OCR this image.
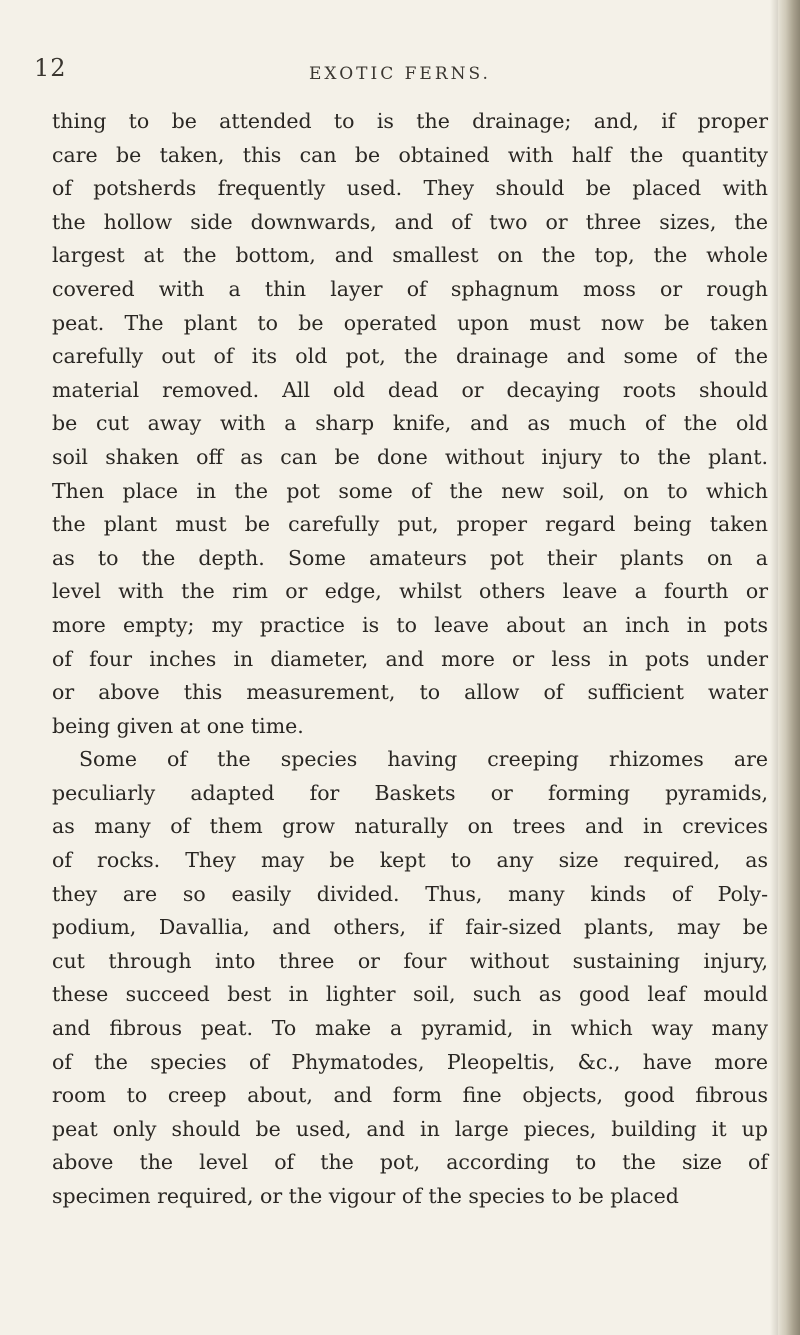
12	EXOTIC FERNS.
thing to be attended to is the drainage; and, if proper
care be taken, this can be obtained with half the quantity
of potsherds frequently used. They should be placed with
the hollow side downwards, and of two or three sizes, the
largest at the bottom, and smallest on the top, the whole
covered with a thin layer of sphagnum moss or rough
peat. The plant to be operated upon must now be taken
carefully out of its old pot, the drainage and some of the
material removed. All old dead or decaying roots should
be cut away with a sharp knife, and as much of the old
soil shaken off as can be done without injury to the plant.
Then place in the pot some of the new soil, on to which
the plant must be carefully put, proper regard being taken
as to the depth. Some amateurs pot their plants on a
level with the rim or edge, whilst others leave a fourth or
more empty; my practice is to leave about an inch in pots
of four inches in diameter, and more or less in pots under
or above this measurement, to allow of sufficient water
being given at one time.
Some of the species having creeping rhizomes are
peculiarly adapted for Baskets or forming pyramids,
as many of them grow naturally on trees and in crevices
of rocks. They may be kept to any size required, as
they are so easily divided. Thus, many kinds of Poly-
podium, Davallia, and others, if fair-sized plants, may be
cut through into three or four without sustaining injury,
these succeed best in lighter soil, such as good leaf mould
and fibrous peat. To make a pyramid, in which way many
of the species of Phymatodes, Pleopeltis, &c., have more
room to creep about, and form fine objects, good fibrous
peat only should be used, and in large pieces, building it up
above the level of the pot, according to the size of
specimen required, or the vigour of the species to be placed
